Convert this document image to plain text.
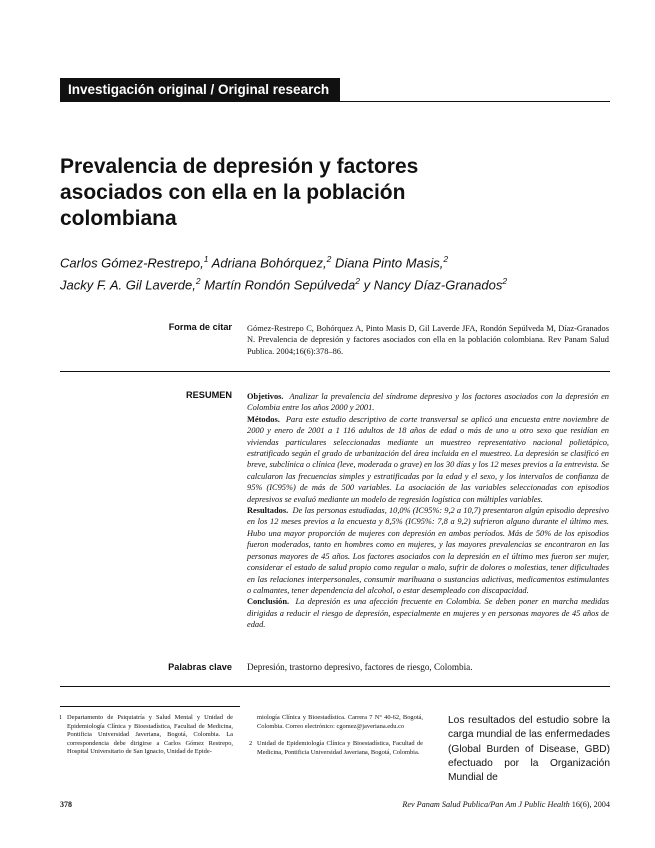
Investigación original / Original research
Prevalencia de depresión y factores asociados con ella en la población colombiana
Carlos Gómez-Restrepo,$^1$ Adriana Bohórquez,$^2$ Diana Pinto Masis,$^2$
Jacky F. A. Gil Laverde,$^2$ Martín Rondón Sepúlveda$^2$ y Nancy Díaz-Granados$^2$
Forma de citar Gómez-Restrepo C, Bohórquez A, Pinto Masis D, Gil Laverde JFA, Rondón Sepúlveda M, Díaz-Granados N. Prevalencia de depresión y factores asociados con ella en la población colombiana. Rev Panam Salud Publica. 2004;16(6):378–86.
RESUMEN Objetivos. Analizar la prevalencia del síndrome depresivo y los factores asociados con la depresión en Colombia entre los años 2000 y 2001.

Métodos. Para este estudio descriptivo de corte transversal se aplicó una encuesta entre noviembre de 2000 y enero de 2001 a 1 116 adultos de 18 años de edad o más de uno u otro sexo que residían en viviendas particulares seleccionadas mediante un muestreo representativo nacional polietápico, estratificado según el grado de urbanización del área incluida en el muestreo. La depresión se clasificó en breve, subclínica o clínica (leve, moderada o grave) en los 30 días y los 12 meses previos a la entrevista. Se calcularon las frecuencias simples y estratificadas por la edad y el sexo, y los intervalos de confianza de 95% (IC95%) de más de 500 variables. La asociación de las variables seleccionadas con episodios depresivos se evaluó mediante un modelo de regresión logística con múltiples variables.

Resultados. De las personas estudiadas, 10,0% (IC95%: 9,2 a 10,7) presentaron algún episodio depresivo en los 12 meses previos a la encuesta y 8,5% (IC95%: 7,8 a 9,2) sufrieron alguno durante el último mes. Hubo una mayor proporción de mujeres con depresión en ambos períodos. Más de 50% de los episodios fueron moderados, tanto en hombres como en mujeres, y las mayores prevalencias se encontraron en las personas mayores de 45 años. Los factores asociados con la depresión en el último mes fueron ser mujer, considerar el estado de salud propio como regular o malo, sufrir de dolores o molestias, tener dificultades en las relaciones interpersonales, consumir marihuana o sustancias adictivas, medicamentos estimulantes o calmantes, tener dependencia del alcohol, o estar desempleado con discapacidad.

Conclusión. La depresión es una afección frecuente en Colombia. Se deben poner en marcha medidas dirigidas a reducir el riesgo de depresión, especialmente en mujeres y en personas mayores de 45 años de edad.

Palabras clave Depresión, trastorno depresivo, factores de riesgo, Colombia.
1 Departamento de Psiquiatría y Salud Mental y Unidad de Epidemiología Clínica y Bioestadística, Facultad de Medicina, Pontificia Universidad Javeriana, Bogotá, Colombia. La correspondencia debe dirigirse a Carlos Gómez Restrepo, Hospital Universitario de San Ignacio, Unidad de Epide-
miología Clínica y Bioestadística. Carrera 7 N° 40-62, Bogotá, Colombia. Correo electrónico: cgomez@javeriana.edu.co
2 Unidad de Epidemiología Clínica y Bioestadística, Facultad de Medicina, Pontificia Universidad Javeriana, Bogotá, Colombia.
Los resultados del estudio sobre la carga mundial de las enfermedades (Global Burden of Disease, GBD) efectuado por la Organización Mundial de
378	Rev Panam Salud Publica/Pan Am J Public Health 16(6), 2004
